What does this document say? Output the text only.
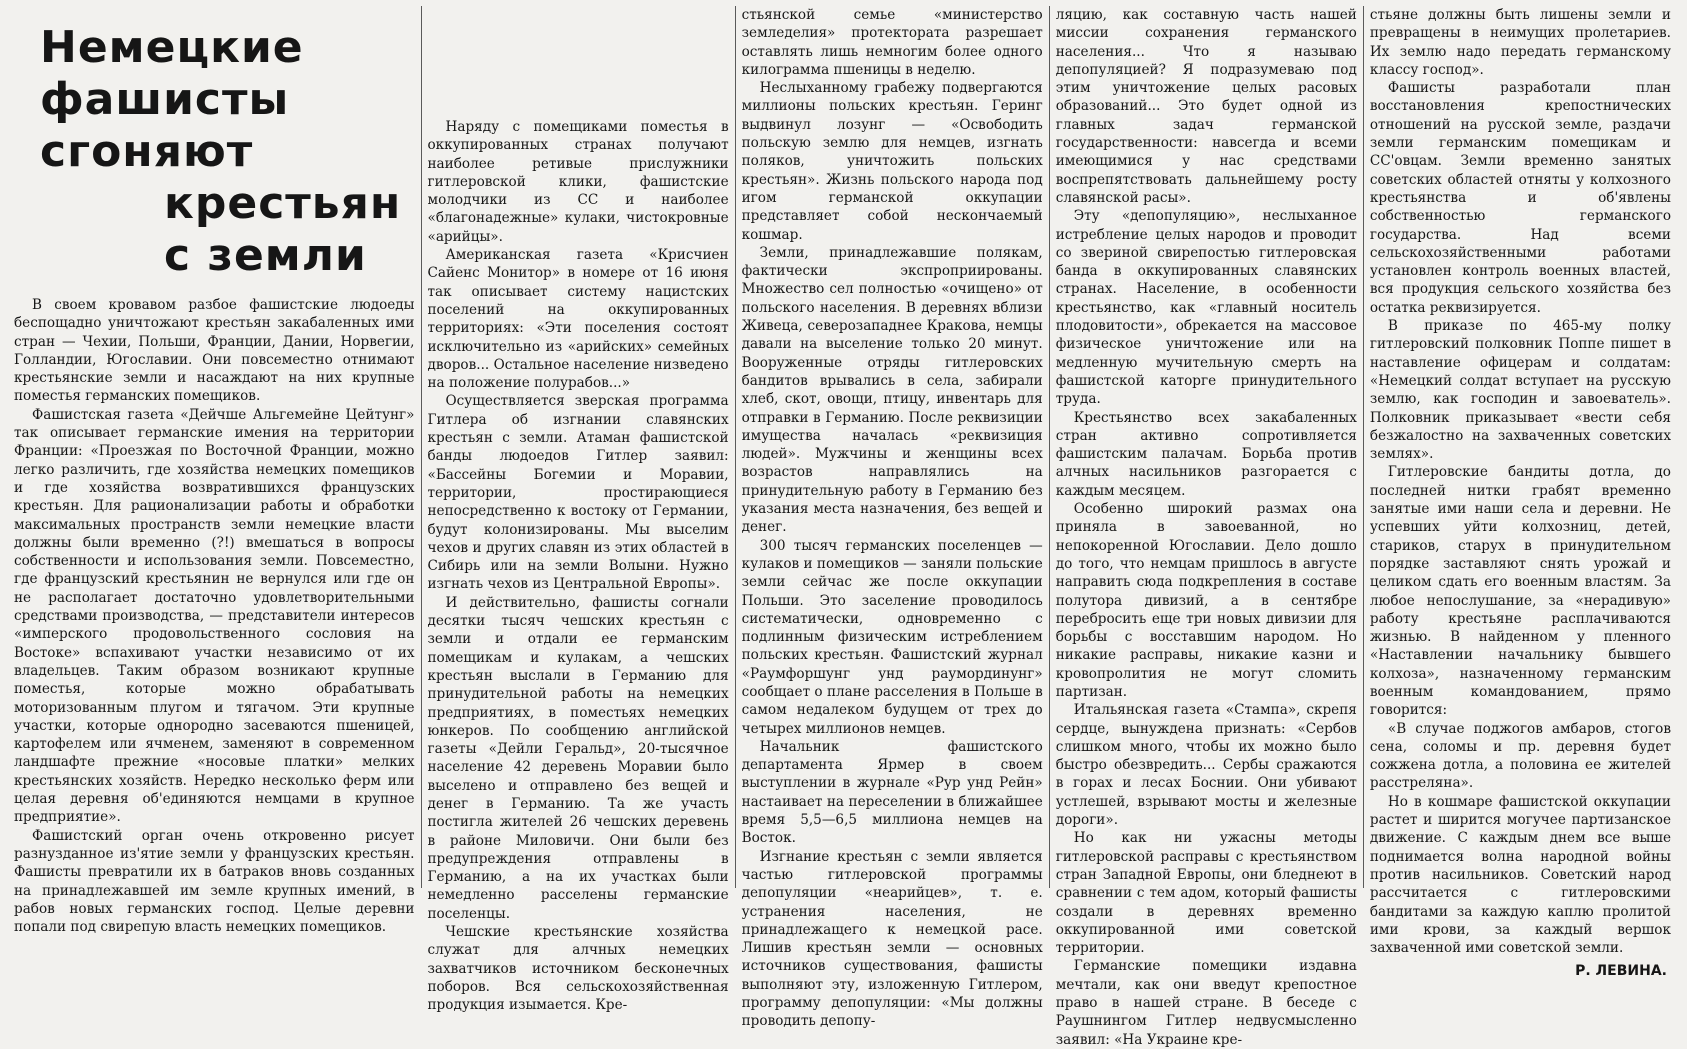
Немецкие фашисты сгоняют
крестьян с земли

В своем кровавом разбое фашистские людоеды беспощадно уничтожают крестьян закабаленных ими стран — Чехии, Польши, Франции, Дании, Норвегии, Голландии, Югославии. Они повсеместно отнимают крестьянские земли и насаждают на них крупные поместья германских помещиков.

Фашистская газета «Дейчше Альгемейне Цейтунг» так описывает германские имения на территории Франции: «Проезжая по Восточной Франции, можно легко различить, где хозяйства немецких помещиков и где хозяйства возвратившихся французских крестьян. Для рационализации работы и обработки максимальных пространств земли немецкие власти должны были временно (?!) вмешаться в вопросы собственности и использования земли. Повсеместно, где французский крестьянин не вернулся или где он не располагает достаточно удовлетворительными средствами производства, — представители интересов «имперского продовольственного сословия на Востоке» вспахивают участки независимо от их владельцев. Таким образом возникают крупные поместья, которые можно обрабатывать моторизованным плугом и тягачом. Эти крупные участки, которые однородно засеваются пшеницей, картофелем или ячменем, заменяют в современном ландшафте прежние «носовые платки» мелких крестьянских хозяйств. Нередко несколько ферм или целая деревня об'единяются немцами в крупное предприятие».

Фашистский орган очень откровенно рисует разнузданное из'ятие земли у французских крестьян. Фашисты превратили их в батраков вновь созданных на принадлежавшей им земле крупных имений, в рабов новых германских господ. Целые деревни попали под свирепую власть немецких помещиков.

Наряду с помещиками поместья в оккупированных странах получают наиболее ретивые прислужники гитлеровской клики, фашистские молодчики из СС и наиболее «благонадежные» кулаки, чистокровные «арийцы».

Американская газета «Крисчиен Сайенс Монитор» в номере от 16 июня так описывает систему нацистских поселений на оккупированных территориях: «Эти поселения состоят исключительно из «арийских» семейных дворов... Остальное население низведено на положение полурабов...»

Осуществляется зверская программа Гитлера об изгнании славянских крестьян с земли. Атаман фашистской банды людоедов Гитлер заявил: «Бассейны Богемии и Моравии, территории, простирающиеся непосредственно к востоку от Германии, будут колонизированы. Мы выселим чехов и других славян из этих областей в Сибирь или на земли Волыни. Нужно изгнать чехов из Центральной Европы».

И действительно, фашисты согнали десятки тысяч чешских крестьян с земли и отдали ее германским помещикам и кулакам, а чешских крестьян выслали в Германию для принудительной работы на немецких предприятиях, в поместьях немецких юнкеров. По сообщению английской газеты «Дейли Геральд», 20-тысячное население 42 деревень Моравии было выселено и отправлено без вещей и денег в Германию. Та же участь постигла жителей 26 чешских деревень в районе Миловичи. Они были без предупреждения отправлены в Германию, а на их участках были немедленно расселены германские поселенцы.

Чешские крестьянские хозяйства служат для алчных немецких захватчиков источником бесконечных поборов. Вся сельскохозяйственная продукция изымается. Кре-

стьянской семье «министерство земледелия» протектората разрешает оставлять лишь немногим более одного килограмма пшеницы в неделю.

Неслыханному грабежу подвергаются миллионы польских крестьян. Геринг выдвинул лозунг — «Освободить польскую землю для немцев, изгнать поляков, уничтожить польских крестьян». Жизнь польского народа под игом германской оккупации представляет собой нескончаемый кошмар.

Земли, принадлежавшие полякам, фактически экспроприированы. Множество сел полностью «очищено» от польского населения. В деревнях вблизи Живеца, северозападнее Кракова, немцы давали на выселение только 20 минут. Вооруженные отряды гитлеровских бандитов врывались в села, забирали хлеб, скот, овощи, птицу, инвентарь для отправки в Германию. После реквизиции имущества началась «реквизиция людей». Мужчины и женщины всех возрастов направлялись на принудительную работу в Германию без указания места назначения, без вещей и денег.

300 тысяч германских поселенцев — кулаков и помещиков — заняли польские земли сейчас же после оккупации Польши. Это заселение проводилось систематически, одновременно с подлинным физическим истреблением польских крестьян. Фашистский журнал «Раумфоршунг унд раумординунг» сообщает о плане расселения в Польше в самом недалеком будущем от трех до четырех миллионов немцев.

Начальник фашистского департамента Ярмер в своем выступлении в журнале «Рур унд Рейн» настаивает на переселении в ближайшее время 5,5—6,5 миллиона немцев на Восток.

Изгнание крестьян с земли является частью гитлеровской программы депопуляции «неарийцев», т. е. устранения населения, не принадлежащего к немецкой расе. Лишив крестьян земли — основных источников существования, фашисты выполняют эту, изложенную Гитлером, программу депопуляции: «Мы должны проводить депопу-

ляцию, как составную часть нашей миссии сохранения германского населения... Что я называю депопуляцией? Я подразумеваю под этим уничтожение целых расовых образований... Это будет одной из главных задач германской государственности: навсегда и всеми имеющимися у нас средствами воспрепятствовать дальнейшему росту славянской расы».

Эту «депопуляцию», неслыханное истребление целых народов и проводит со звериной свирепостью гитлеровская банда в оккупированных славянских странах. Население, в особенности крестьянство, как «главный носитель плодовитости», обрекается на массовое физическое уничтожение или на медленную мучительную смерть на фашистской каторге принудительного труда.

Крестьянство всех закабаленных стран активно сопротивляется фашистским палачам. Борьба против алчных насильников разгорается с каждым месяцем.

Особенно широкий размах она приняла в завоеванной, но непокоренной Югославии. Дело дошло до того, что немцам пришлось в августе направить сюда подкрепления в составе полутора дивизий, а в сентябре перебросить еще три новых дивизии для борьбы с восставшим народом. Но никакие расправы, никакие казни и кровопролития не могут сломить партизан.

Итальянская газета «Стампа», скрепя сердце, вынуждена признать: «Сербов слишком много, чтобы их можно было быстро обезвредить... Сербы сражаются в горах и лесах Боснии. Они убивают устлешей, взрывают мосты и железные дороги».

Но как ни ужасны методы гитлеровской расправы с крестьянством стран Западной Европы, они бледнеют в сравнении с тем адом, который фашисты создали в деревнях временно оккупированной ими советской территории.

Германские помещики издавна мечтали, как они введут крепостное право в нашей стране. В беседе с Раушнингом Гитлер недвусмысленно заявил: «На Украине кре-

стьяне должны быть лишены земли и превращены в неимущих пролетариев. Их землю надо передать германскому классу господ».

Фашисты разработали план восстановления крепостнических отношений на русской земле, раздачи земли германским помещикам и СС'овцам. Земли временно занятых советских областей отняты у колхозного крестьянства и об'явлены собственностью германского государства. Над всеми сельскохозяйственными работами установлен контроль военных властей, вся продукция сельского хозяйства без остатка реквизируется.

В приказе по 465-му полку гитлеровский полковник Поппе пишет в наставление офицерам и солдатам: «Немецкий солдат вступает на русскую землю, как господин и завоеватель». Полковник приказывает «вести себя безжалостно на захваченных советских землях».

Гитлеровские бандиты дотла, до последней нитки грабят временно занятые ими наши села и деревни. Не успевших уйти колхозниц, детей, стариков, старух в принудительном порядке заставляют снять урожай и целиком сдать его военным властям. За любое непослушание, за «нерадивую» работу крестьяне расплачиваются жизнью. В найденном у пленного «Наставлении начальнику бывшего колхоза», назначенному германским военным командованием, прямо говорится:

«В случае поджогов амбаров, стогов сена, соломы и пр. деревня будет сожжена дотла, а половина ее жителей расстреляна».

Но в кошмаре фашистской оккупации растет и ширится могучее партизанское движение. С каждым днем все выше поднимается волна народной войны против насильников. Советский народ рассчитается с гитлеровскими бандитами за каждую каплю пролитой ими крови, за каждый вершок захваченной ими советской земли.

Р. ЛЕВИНА.
